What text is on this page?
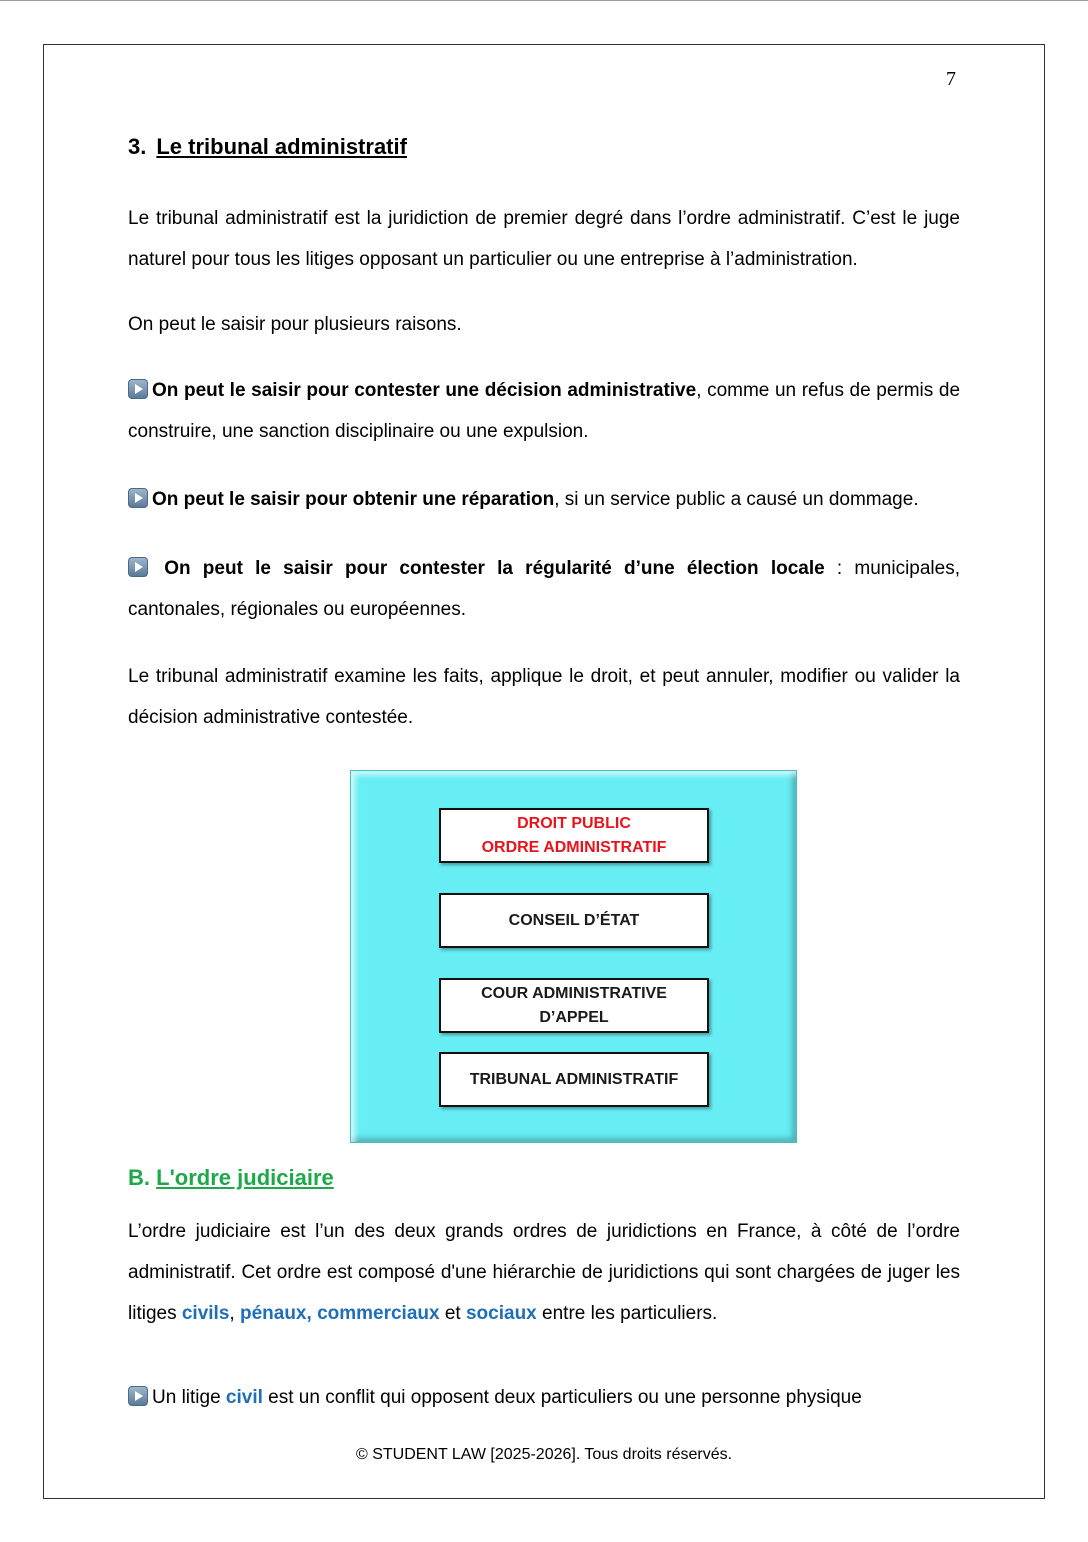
7
3. Le tribunal administratif
Le tribunal administratif est la juridiction de premier degré dans l’ordre administratif. C’est le juge naturel pour tous les litiges opposant un particulier ou une entreprise à l’administration.
On peut le saisir pour plusieurs raisons.
On peut le saisir pour contester une décision administrative, comme un refus de permis de construire, une sanction disciplinaire ou une expulsion.
On peut le saisir pour obtenir une réparation, si un service public a causé un dommage.
On peut le saisir pour contester la régularité d’une élection locale : municipales, cantonales, régionales ou européennes.
Le tribunal administratif examine les faits, applique le droit, et peut annuler, modifier ou valider la décision administrative contestée.
DROIT PUBLIC
ORDRE ADMINISTRATIF
CONSEIL D’ÉTAT
COUR ADMINISTRATIVE
D’APPEL
TRIBUNAL ADMINISTRATIF
B. L'ordre judiciaire
L’ordre judiciaire est l’un des deux grands ordres de juridictions en France, à côté de l’ordre administratif. Cet ordre est composé d'une hiérarchie de juridictions qui sont chargées de juger les litiges civils, pénaux, commerciaux et sociaux entre les particuliers.
Un litige civil est un conflit qui opposent deux particuliers ou une personne physique
© STUDENT LAW [2025-2026]. Tous droits réservés.
